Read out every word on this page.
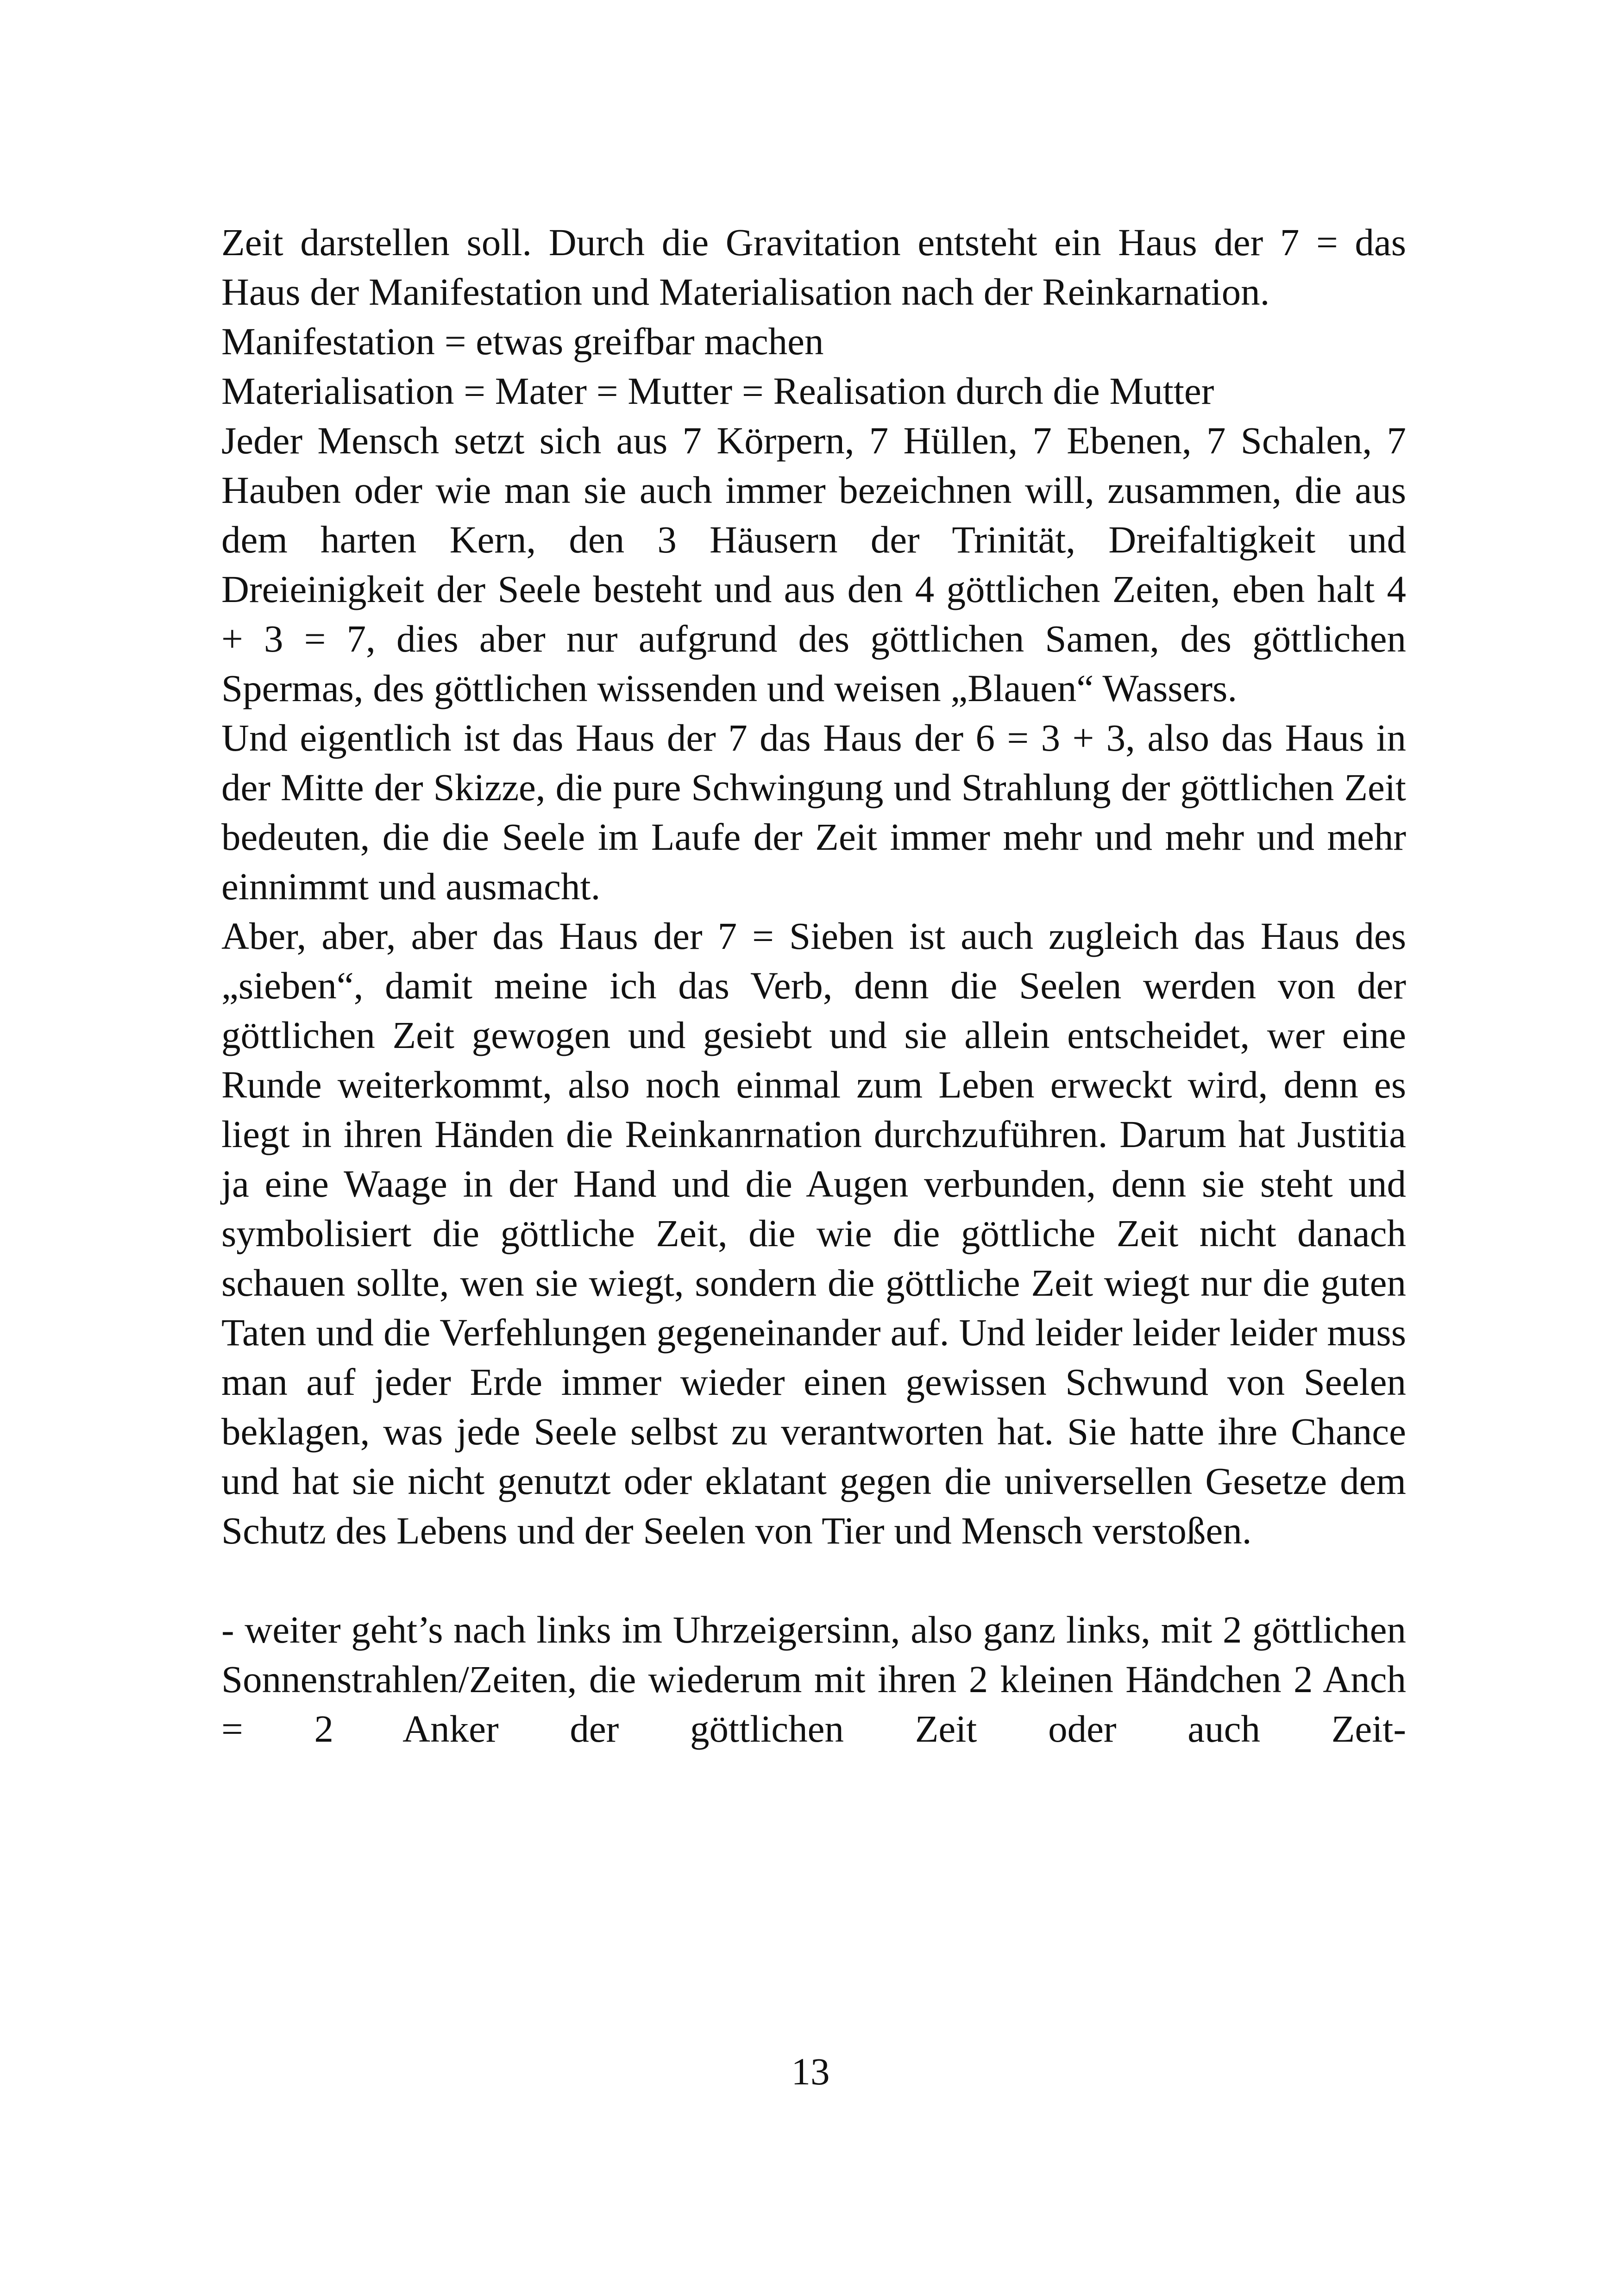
Zeit darstellen soll. Durch die Gravitation entsteht ein Haus der 7 = das Haus der Manifestation und Materialisation nach der Reinkarnation.

Manifestation = etwas greifbar machen

Materialisation = Mater = Mutter = Realisation durch die Mutter

Jeder Mensch setzt sich aus 7 Körpern, 7 Hüllen, 7 Ebenen, 7 Schalen, 7 Hauben oder wie man sie auch immer bezeichnen will, zusammen, die aus dem harten Kern, den 3 Häusern der Trinität, Dreifaltigkeit und Dreieinigkeit der Seele besteht und aus den 4 göttlichen Zeiten, eben halt 4 + 3 = 7, dies aber nur aufgrund des göttlichen Samen, des göttlichen Spermas, des göttlichen wissenden und weisen „Blauen“ Wassers.

Und eigentlich ist das Haus der 7 das Haus der 6 = 3 + 3, also das Haus in der Mitte der Skizze, die pure Schwingung und Strahlung der göttlichen Zeit bedeuten, die die Seele im Laufe der Zeit immer mehr und mehr und mehr einnimmt und ausmacht.

Aber, aber, aber das Haus der 7 = Sieben ist auch zugleich das Haus des „sieben“, damit meine ich das Verb, denn die Seelen werden von der göttlichen Zeit gewogen und gesiebt und sie allein entscheidet, wer eine Runde weiterkommt, also noch einmal zum Leben erweckt wird, denn es liegt in ihren Händen die Reinkanrnation durchzuführen. Darum hat Justitia ja eine Waage in der Hand und die Augen verbunden, denn sie steht und symbolisiert die göttliche Zeit, die wie die göttliche Zeit nicht danach schauen sollte, wen sie wiegt, sondern die göttliche Zeit wiegt nur die guten Taten und die Verfehlungen gegeneinander auf. Und leider leider leider muss man auf jeder Erde immer wieder einen gewissen Schwund von Seelen beklagen, was jede Seele selbst zu verantworten hat. Sie hatte ihre Chance und hat sie nicht genutzt oder eklatant gegen die universellen Gesetze dem Schutz des Lebens und der Seelen von Tier und Mensch verstoßen.

- weiter geht’s nach links im Uhrzeigersinn, also ganz links, mit 2 göttlichen Sonnenstrahlen/Zeiten, die wiederum mit ihren 2 kleinen Händchen 2 Anch = 2 Anker der göttlichen Zeit oder auch Zeit-

13
